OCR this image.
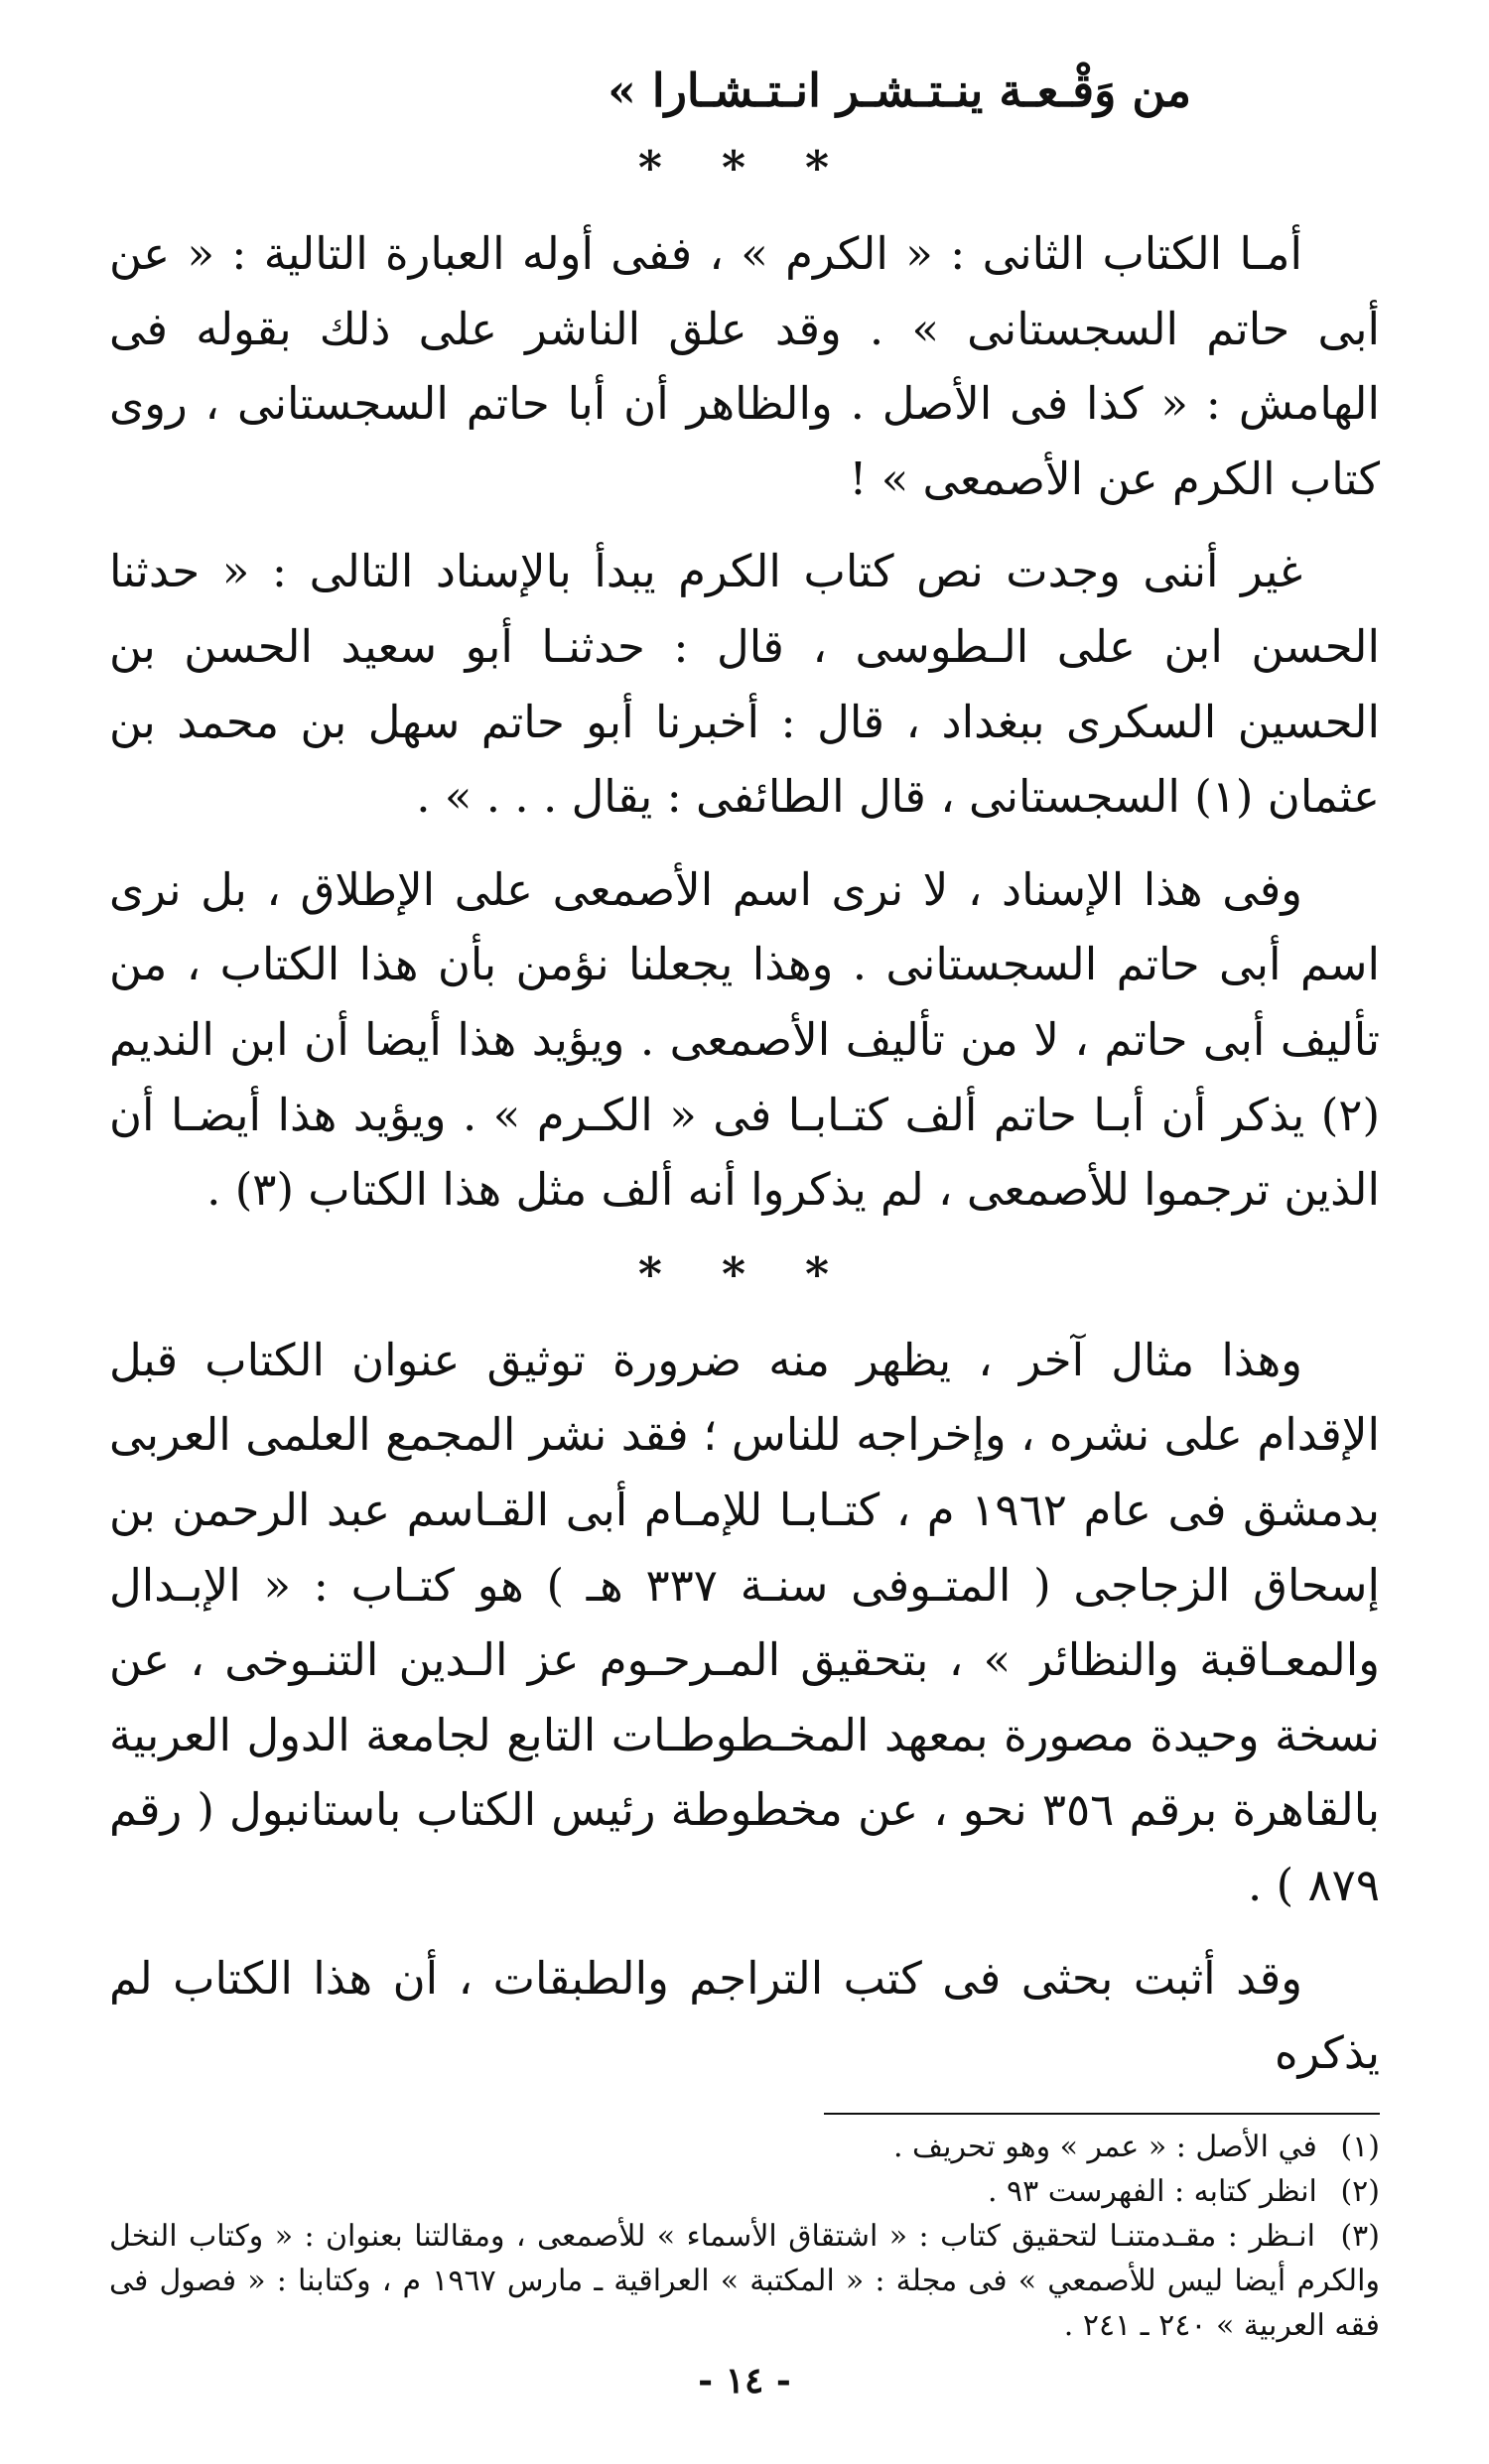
من وَقْـعـة ينـتـشـر انـتـشـارا »
* * *

أمـا الكتاب الثانى : « الكرم » ، ففى أوله العبارة التالية : « عن أبى حاتم السجستانى » . وقد علق الناشر على ذلك بقوله فى الهامش : « كذا فى الأصل . والظاهر أن أبا حاتم السجستانى ، روى كتاب الكرم عن الأصمعى » !

غير أننى وجدت نص كتاب الكرم يبدأ بالإسناد التالى : « حدثنا الحسن ابن على الـطوسى ، قال : حدثنـا أبو سعيد الحسن بن الحسين السكرى ببغداد ، قال : أخبرنا أبو حاتم سهل بن محمد بن عثمان (١) السجستانى ، قال الطائفى : يقال . . . » .

وفى هذا الإسناد ، لا نرى اسم الأصمعى على الإطلاق ، بل نرى اسم أبى حاتم السجستانى . وهذا يجعلنا نؤمن بأن هذا الكتاب ، من تأليف أبى حاتم ، لا من تأليف الأصمعى . ويؤيد هذا أيضا أن ابن النديم (٢) يذكر أن أبـا حاتم ألف كتـابـا فى « الكـرم » . ويؤيد هذا أيضـا أن الذين ترجموا للأصمعى ، لم يذكروا أنه ألف مثل هذا الكتاب (٣) .

* * *

وهذا مثال آخر ، يظهر منه ضرورة توثيق عنوان الكتاب قبل الإقدام على نشره ، وإخراجه للناس ؛ فقد نشر المجمع العلمى العربى بدمشق فى عام ١٩٦٢ م ، كتـابـا للإمـام أبى القـاسم عبد الرحمن بن إسحاق الزجاجى ( المتـوفى سنـة ٣٣٧ هـ ) هو كتـاب : « الإبـدال والمعـاقبة والنظائر » ، بتحقيق المـرحـوم عز الـدين التنـوخى ، عن نسخة وحيدة مصورة بمعهد المخـطوطـات التابع لجامعة الدول العربية بالقاهرة برقم ٣٥٦ نحو ، عن مخطوطة رئيس الكتاب باستانبول ( رقم ٨٧٩ ) .

وقد أثبت بحثى فى كتب التراجم والطبقات ، أن هذا الكتاب لم يذكره

(١) في الأصل : « عمر » وهو تحريف .

(٢) انظر كتابه : الفهرست ٩٣ .

(٣) انـظر : مقـدمتنـا لتحقيق كتاب : « اشتقاق الأسماء » للأصمعى ، ومقالتنا بعنوان : « وكتاب النخل والكرم أيضا ليس للأصمعي » فى مجلة : « المكتبة » العراقية ـ مارس ١٩٦٧ م ، وكتابنا : « فصول فى فقه العربية » ٢٤٠ ـ ٢٤١ .

- ١٤ -
